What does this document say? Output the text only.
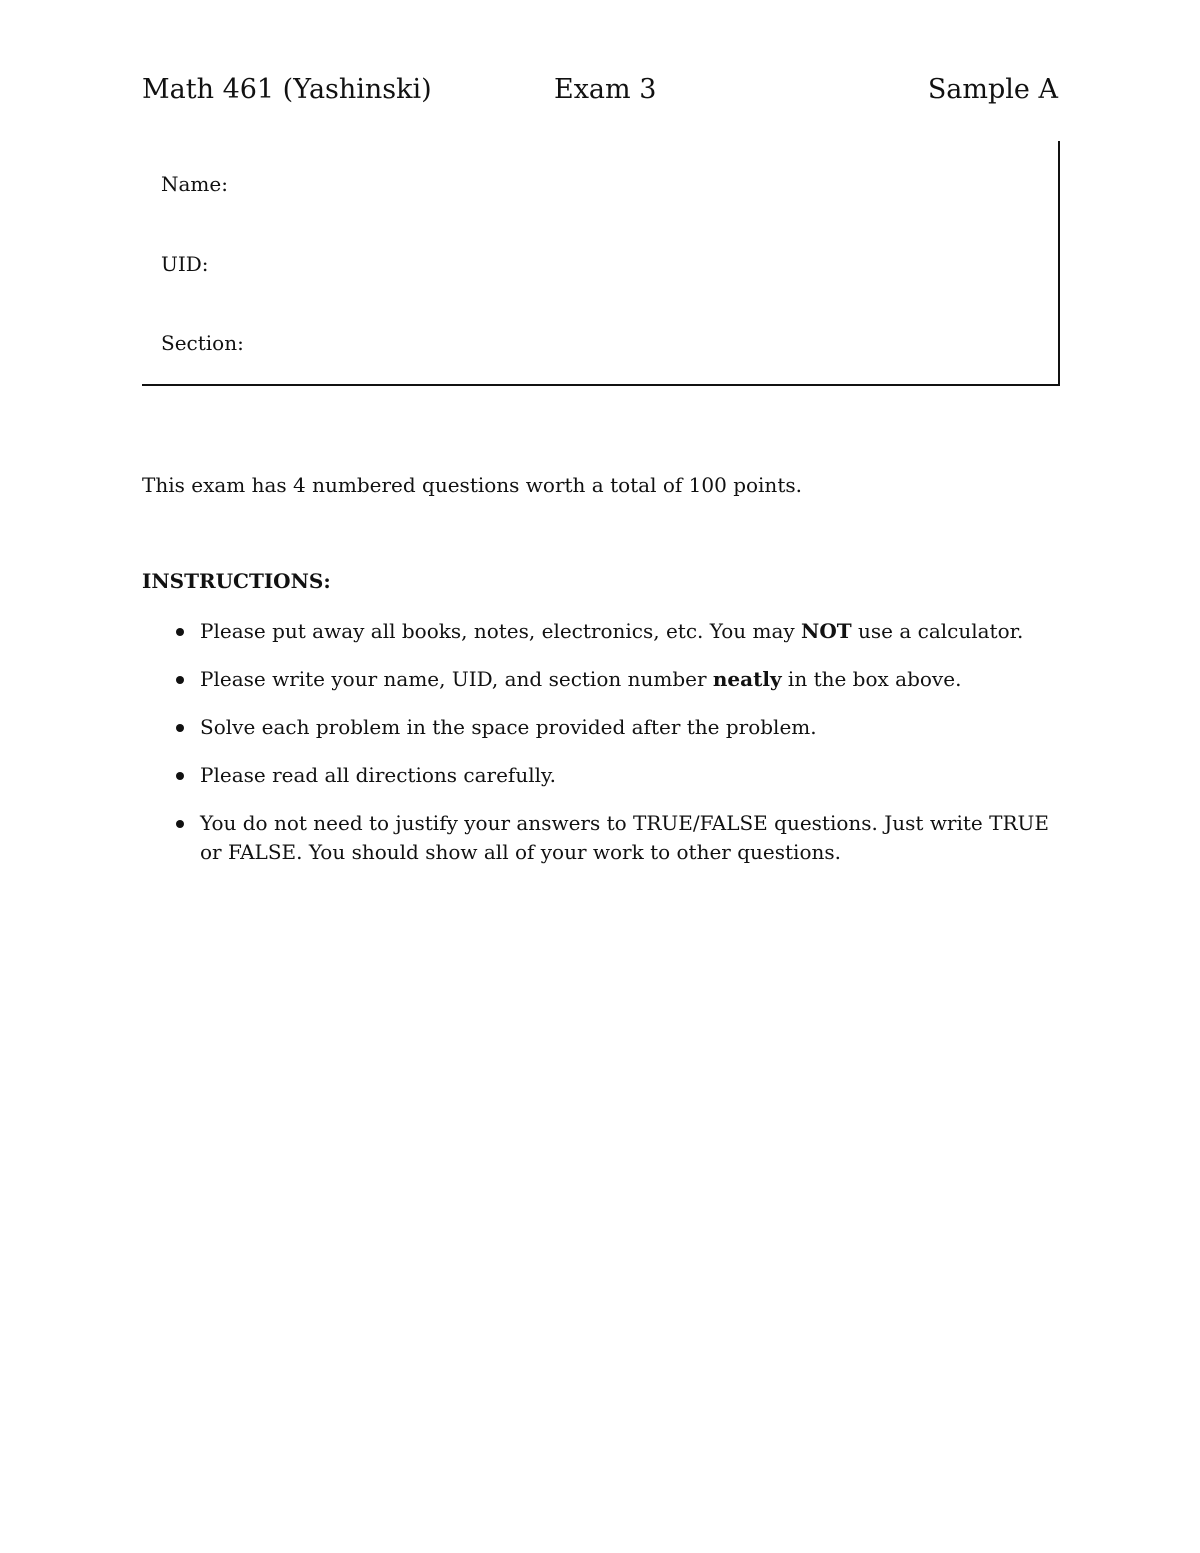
Math 461 (Yashinski)	Exam 3	Sample A
Name:
UID:
Section:
This exam has 4 numbered questions worth a total of 100 points.
INSTRUCTIONS:
Please put away all books, notes, electronics, etc. You may NOT use a calculator.
Please write your name, UID, and section number neatly in the box above.
Solve each problem in the space provided after the problem.
Please read all directions carefully.
You do not need to justify your answers to TRUE/FALSE questions. Just write TRUE or FALSE. You should show all of your work to other questions.
